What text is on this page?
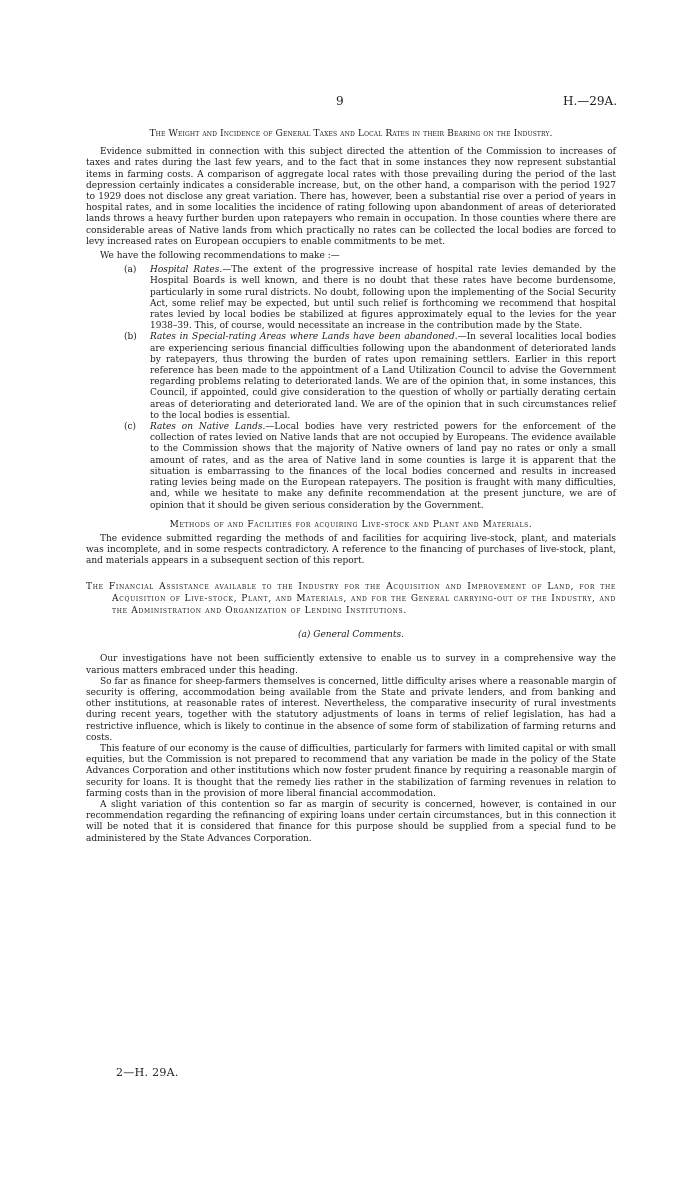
9	H.—29A.
The Weight and Incidence of General Taxes and Local Rates in their Bearing on the Industry.

Evidence submitted in connection with this subject directed the attention of the Commission to increases of taxes and rates during the last few years, and to the fact that in some instances they now represent substantial items in farming costs. A comparison of aggregate local rates with those prevailing during the period of the last depression certainly indicates a considerable increase, but, on the other hand, a comparison with the period 1927 to 1929 does not disclose any great variation. There has, however, been a substantial rise over a period of years in hospital rates, and in some localities the incidence of rating following upon abandonment of areas of deteriorated lands throws a heavy further burden upon ratepayers who remain in occupation. In those counties where there are considerable areas of Native lands from which practically no rates can be collected the local bodies are forced to levy increased rates on European occupiers to enable commitments to be met.

We have the following recommendations to make :—

(a) Hospital Rates.—The extent of the progressive increase of hospital rate levies demanded by the Hospital Boards is well known, and there is no doubt that these rates have become burdensome, particularly in some rural districts. No doubt, following upon the implementing of the Social Security Act, some relief may be expected, but until such relief is forthcoming we recommend that hospital rates levied by local bodies be stabilized at figures approximately equal to the levies for the year 1938–39. This, of course, would necessitate an increase in the contribution made by the State.

(b) Rates in Special-rating Areas where Lands have been abandoned.—In several localities local bodies are experiencing serious financial difficulties following upon the abandonment of deteriorated lands by ratepayers, thus throwing the burden of rates upon remaining settlers. Earlier in this report reference has been made to the appointment of a Land Utilization Council to advise the Government regarding problems relating to deteriorated lands. We are of the opinion that, in some instances, this Council, if appointed, could give consideration to the question of wholly or partially derating certain areas of deteriorating and deteriorated land. We are of the opinion that in such circumstances relief to the local bodies is essential.

(c) Rates on Native Lands.—Local bodies have very restricted powers for the enforcement of the collection of rates levied on Native lands that are not occupied by Europeans. The evidence available to the Commission shows that the majority of Native owners of land pay no rates or only a small amount of rates, and as the area of Native land in some counties is large it is apparent that the situation is embarrassing to the finances of the local bodies concerned and results in increased rating levies being made on the European ratepayers. The position is fraught with many difficulties, and, while we hesitate to make any definite recommendation at the present juncture, we are of opinion that it should be given serious consideration by the Government.

Methods of and Facilities for acquiring Live-stock and Plant and Materials.

The evidence submitted regarding the methods of and facilities for acquiring live-stock, plant, and materials was incomplete, and in some respects contradictory. A reference to the financing of purchases of live-stock, plant, and materials appears in a subsequent section of this report.

The Financial Assistance available to the Industry for the Acquisition and Improvement of Land, for the Acquisition of Live-stock, Plant, and Materials, and for the General carrying-out of the Industry, and the Administration and Organization of Lending Institutions.

(a) General Comments.

Our investigations have not been sufficiently extensive to enable us to survey in a comprehensive way the various matters embraced under this heading.

So far as finance for sheep-farmers themselves is concerned, little difficulty arises where a reasonable margin of security is offering, accommodation being available from the State and private lenders, and from banking and other institutions, at reasonable rates of interest. Nevertheless, the comparative insecurity of rural investments during recent years, together with the statutory adjustments of loans in terms of relief legislation, has had a restrictive influence, which is likely to continue in the absence of some form of stabilization of farming returns and costs.

This feature of our economy is the cause of difficulties, particularly for farmers with limited capital or with small equities, but the Commission is not prepared to recommend that any variation be made in the policy of the State Advances Corporation and other institutions which now foster prudent finance by requiring a reasonable margin of security for loans. It is thought that the remedy lies rather in the stabilization of farming revenues in relation to farming costs than in the provision of more liberal financial accommodation.

A slight variation of this contention so far as margin of security is concerned, however, is contained in our recommendation regarding the refinancing of expiring loans under certain circumstances, but in this connection it will be noted that it is considered that finance for this purpose should be supplied from a special fund to be administered by the State Advances Corporation.

2—H. 29A.
